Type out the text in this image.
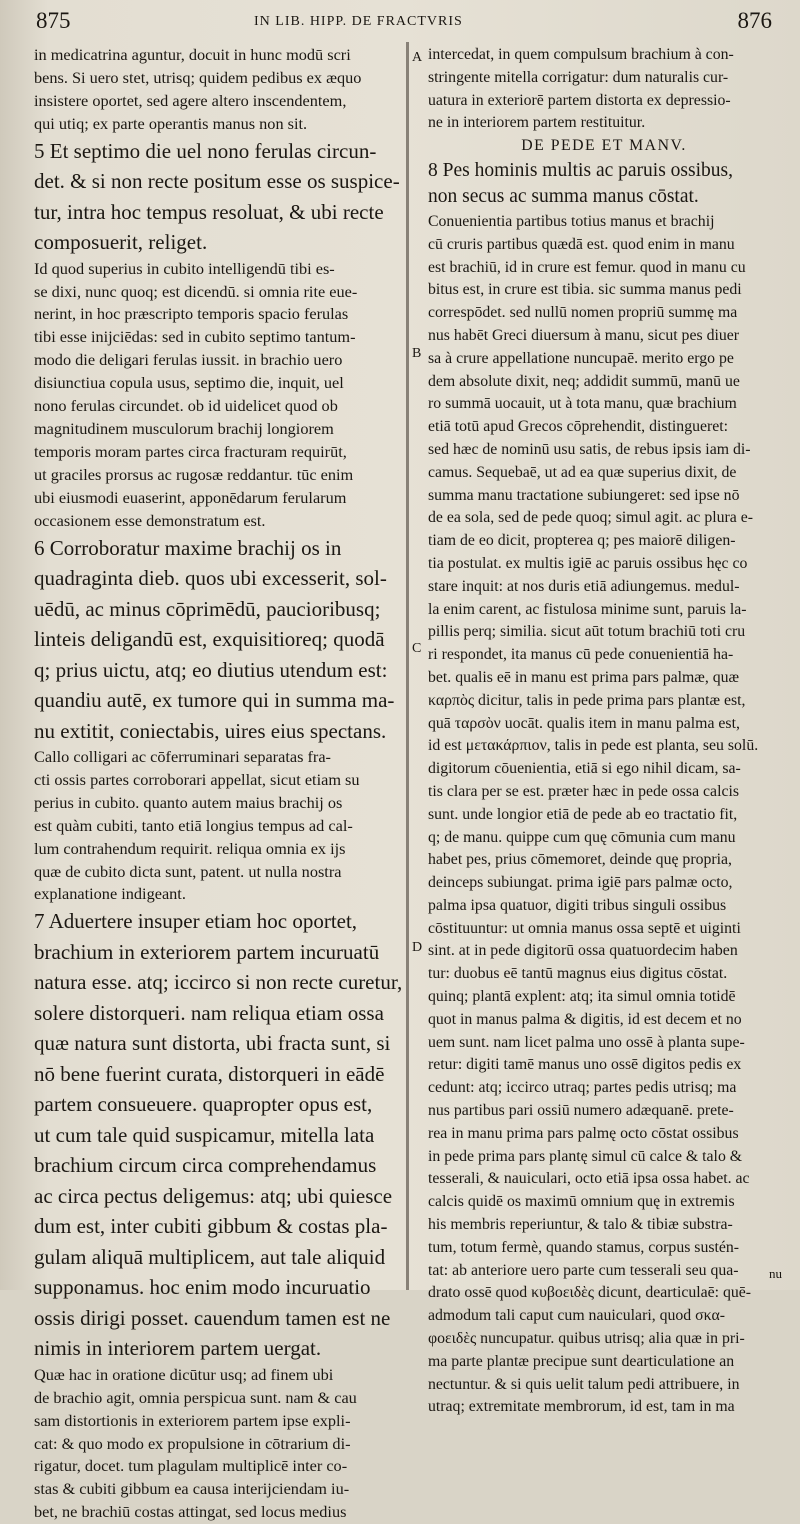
875	IN LIB. HIPP. DE FRACTVRIS	876
in medicatrina aguntur, docuit in hunc modū scri
bens. Si uero stet, utrisq; quidem pedibus ex æquo
insistere oportet, sed agere altero inscendentem,
qui utiq; ex parte operantis manus non sit.
5 Et septimo die uel nono ferulas circun-
det. & si non recte positum esse os suspice-
tur, intra hoc tempus resoluat, & ubi recte
composuerit, religet.
Id quod superius in cubito intelligendū tibi es-
se dixi, nunc quoq; est dicendū. si omnia rite eue-
nerint, in hoc præscripto temporis spacio ferulas
tibi esse inijciēdas: sed in cubito septimo tantum-
modo die deligari ferulas iussit. in brachio uero
disiunctiua copula usus, septimo die, inquit, uel
nono ferulas circundet. ob id uidelicet quod ob
magnitudinem musculorum brachij longiorem
temporis moram partes circa fracturam requirūt,
ut graciles prorsus ac rugosæ reddantur. tūc enim
ubi eiusmodi euaserint, apponēdarum ferularum
occasionem esse demonstratum est.
6 Corroboratur maxime brachij os in
quadraginta dieb. quos ubi excesserit, sol-
uēdū, ac minus cōprimēdū, paucioribusq;
linteis deligandū est, exquisitioreq; quodā
q; prius uictu, atq; eo diutius utendum est:
quandiu autē, ex tumore qui in summa ma-
nu extitit, coniectabis, uires eius spectans.
Callo colligari ac cōferruminari separatas fra-
cti ossis partes corroborari appellat, sicut etiam su
perius in cubito. quanto autem maius brachij os
est quàm cubiti, tanto etiā longius tempus ad cal-
lum contrahendum requirit. reliqua omnia ex ijs
quæ de cubito dicta sunt, patent. ut nulla nostra
explanatione indigeant.
7 Aduertere insuper etiam hoc oportet,
brachium in exteriorem partem incuruatū
natura esse. atq; iccirco si non recte curetur,
solere distorqueri. nam reliqua etiam ossa
quæ natura sunt distorta, ubi fracta sunt, si
nō bene fuerint curata, distorqueri in eādē
partem consueuere. quapropter opus est,
ut cum tale quid suspicamur, mitella lata
brachium circum circa comprehendamus
ac circa pectus deligemus: atq; ubi quiesce
dum est, inter cubiti gibbum & costas pla-
gulam aliquā multiplicem, aut tale aliquid
supponamus. hoc enim modo incuruatio
ossis dirigi posset. cauendum tamen est ne
nimis in interiorem partem uergat.
Quæ hac in oratione dicūtur usq; ad finem ubi
de brachio agit, omnia perspicua sunt. nam & cau
sam distortionis in exteriorem partem ipse expli-
cat: & quo modo ex propulsione in cōtrarium di-
rigatur, docet. tum plagulam multiplicē inter co-
stas & cubiti gibbum ea causa interijciendam iu-
bet, ne brachiū costas attingat, sed locus medius
intercedat, in quem compulsum brachium à con-
stringente mitella corrigatur: dum naturalis cur-
uatura in exteriorē partem distorta ex depressio-
ne in interiorem partem restituitur.
DE PEDE ET MANV.
8 Pes hominis multis ac paruis ossibus,
non secus ac summa manus cōstat.
Conuenientia partibus totius manus et brachij
cū cruris partibus quædā est. quod enim in manu
est brachiū, id in crure est femur. quod in manu cu
bitus est, in crure est tibia. sic summa manus pedi
correspōdet. sed nullū nomen propriū summę ma
nus habēt Greci diuersum à manu, sicut pes diuer
sa à crure appellatione nuncupaē. merito ergo pe
dem absolute dixit, neq; addidit summū, manū ue
ro summā uocauit, ut à tota manu, quæ brachium
etiā totū apud Grecos cōprehendit, distingueret:
sed hæc de nominū usu satis, de rebus ipsis iam di-
camus. Sequebaē, ut ad ea quæ superius dixit, de
summa manu tractatione subiungeret: sed ipse nō
de ea sola, sed de pede quoq; simul agit. ac plura e-
tiam de eo dicit, propterea q; pes maiorē diligen-
tia postulat. ex multis igiē ac paruis ossibus hęc co
stare inquit: at nos duris etiā adiungemus. medul-
la enim carent, ac fistulosa minime sunt, paruis la-
pillis perq; similia. sicut aūt totum brachiū toti cru
ri respondet, ita manus cū pede conuenientiā ha-
bet. qualis eē in manu est prima pars palmæ, quæ
καρπὸς dicitur, talis in pede prima pars plantæ est,
quā ταρσὸν uocāt. qualis item in manu palma est,
id est μετακάρπιον, talis in pede est planta, seu solū.
digitorum cōuenientia, etiā si ego nihil dicam, sa-
tis clara per se est. præter hæc in pede ossa calcis
sunt. unde longior etiā de pede ab eo tractatio fit,
q; de manu. quippe cum quę cōmunia cum manu
habet pes, prius cōmemoret, deinde quę propria,
deinceps subiungat. prima igiē pars palmæ octo,
palma ipsa quatuor, digiti tribus singuli ossibus
cōstituuntur: ut omnia manus ossa septē et uiginti
sint. at in pede digitorū ossa quatuordecim haben
tur: duobus eē tantū magnus eius digitus cōstat.
quinq; plantā explent: atq; ita simul omnia totidē
quot in manus palma & digitis, id est decem et no
uem sunt. nam licet palma uno ossē à planta supe-
retur: digiti tamē manus uno ossē digitos pedis ex
cedunt: atq; iccirco utraq; partes pedis utrisq; ma
nus partibus pari ossiū numero adæquanē. prete-
rea in manu prima pars palmę octo cōstat ossibus
in pede prima pars plantę simul cū calce & talo &
tesserali, & nauiculari, octo etiā ipsa ossa habet. ac
calcis quidē os maximū omnium quę in extremis
his membris reperiuntur, & talo & tibiæ substra-
tum, totum fermè, quando stamus, corpus sustén-
tat: ab anteriore uero parte cum tesserali seu qua-
drato ossē quod κυβοειδὲς dicunt, dearticulaē: quē-
admodum tali caput cum nauiculari, quod σκα-
φοειδὲς nuncupatur. quibus utrisq; alia quæ in pri-
ma parte plantæ precipue sunt dearticulatione an
nectuntur. & si quis uelit talum pedi attribuere, in
utraq; extremitate membrorum, id est, tam in ma
A
B
C
D
nu
